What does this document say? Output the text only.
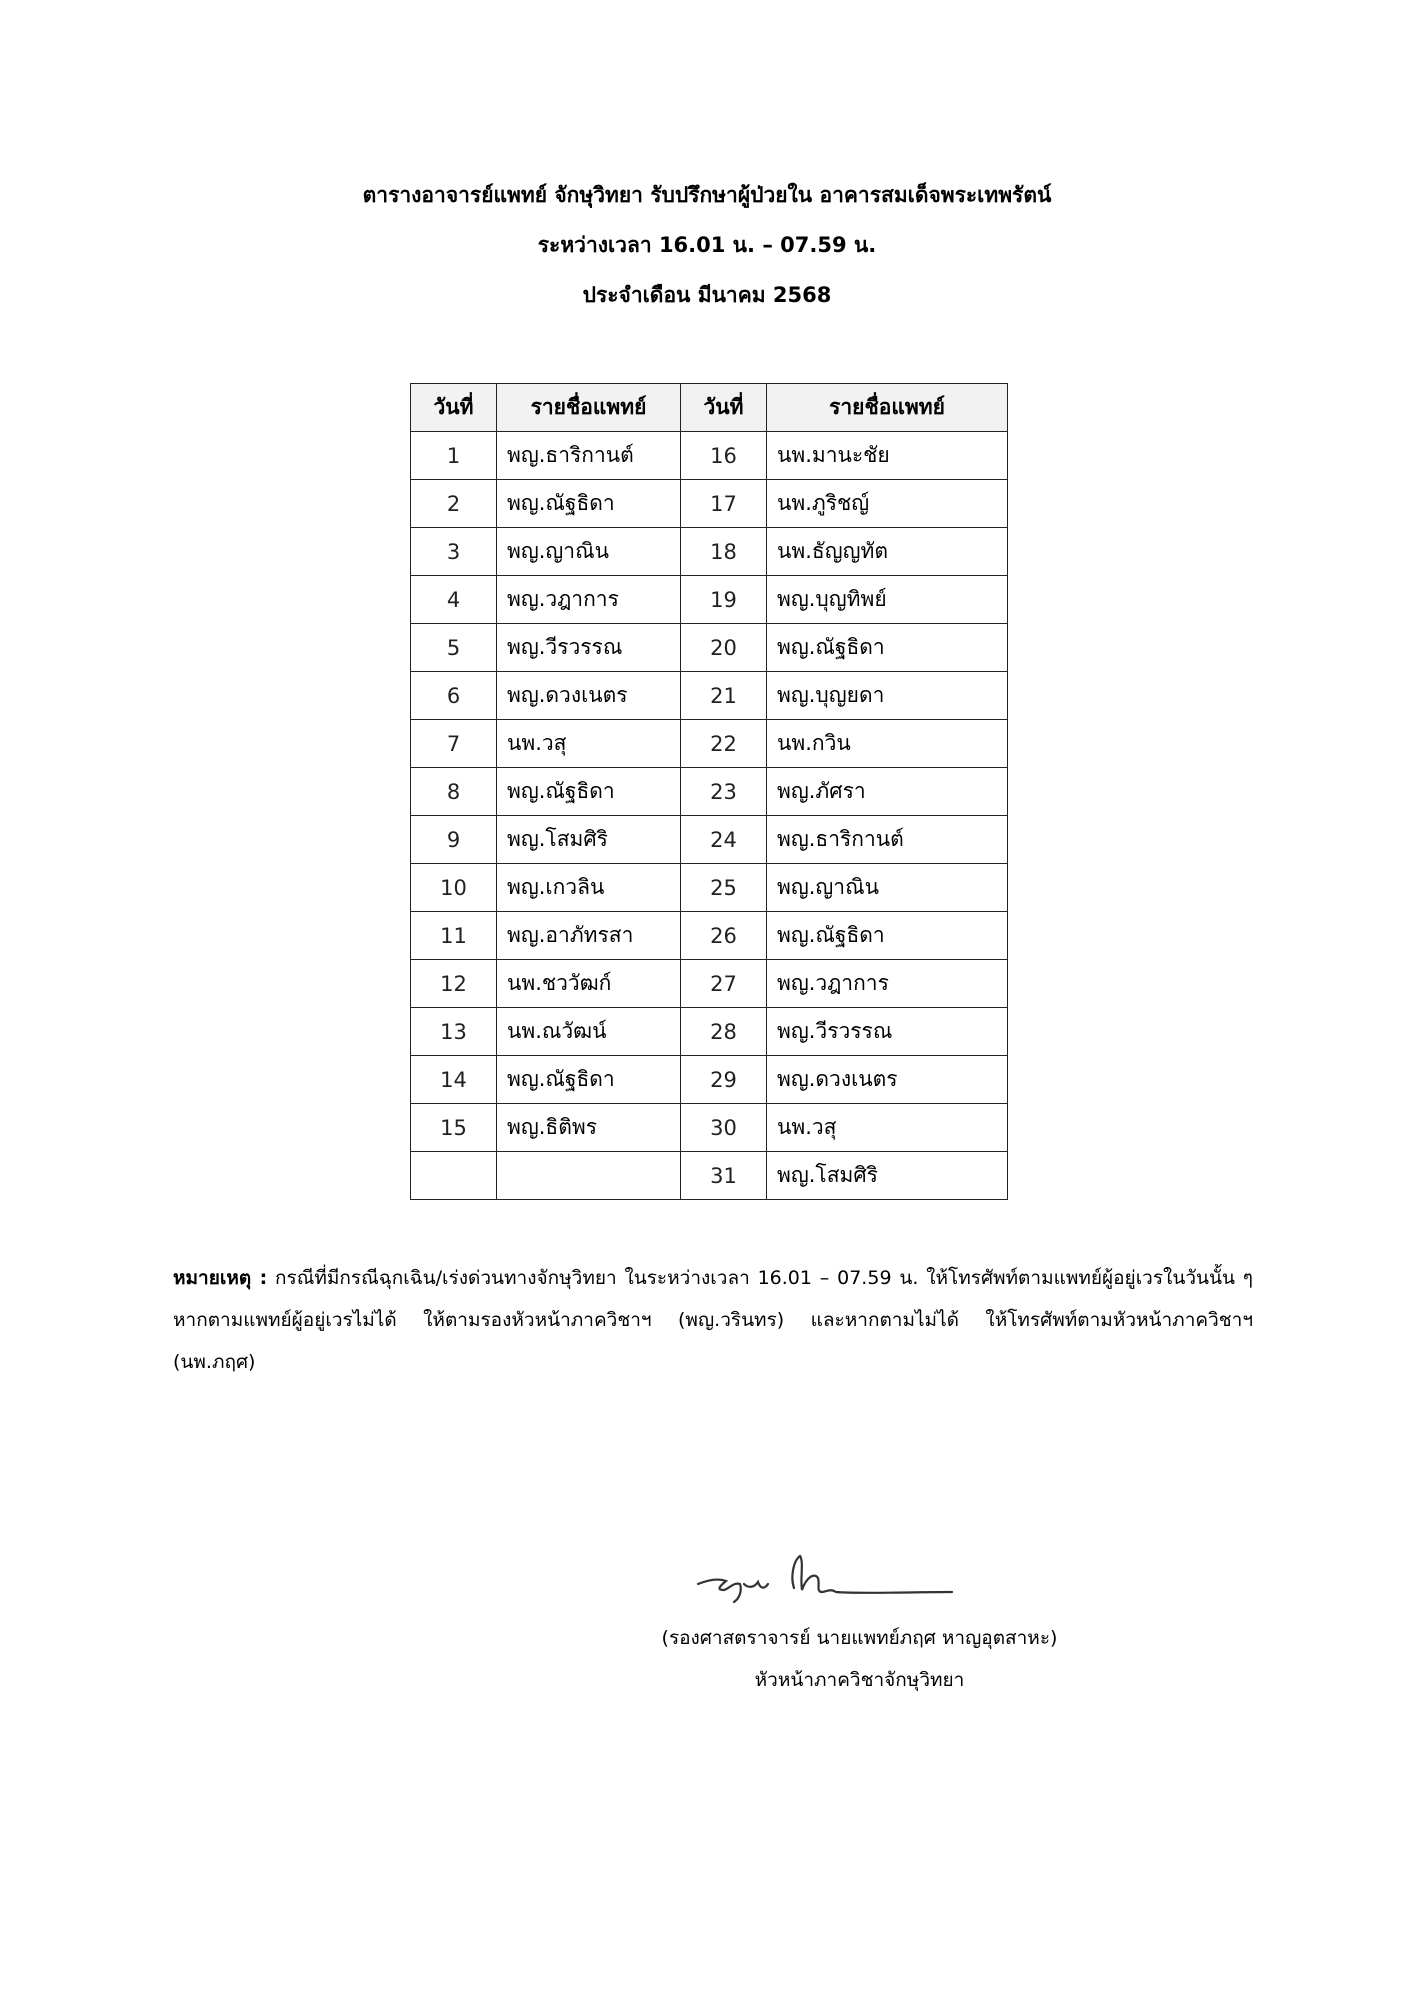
ตารางอาจารย์แพทย์ จักษุวิทยา รับปรึกษาผู้ป่วยใน อาคารสมเด็จพระเทพรัตน์
ระหว่างเวลา 16.01 น. – 07.59 น.
ประจำเดือน มีนาคม 2568
วันที่	รายชื่อแพทย์	วันที่	รายชื่อแพทย์
1	พญ.ธาริกานต์	16	นพ.มานะชัย
2	พญ.ณัฐธิดา	17	นพ.ภูริชญ์
3	พญ.ญาณิน	18	นพ.ธัญญทัต
4	พญ.วฎาการ	19	พญ.บุญทิพย์
5	พญ.วีรวรรณ	20	พญ.ณัฐธิดา
6	พญ.ดวงเนตร	21	พญ.บุญยดา
7	นพ.วสุ	22	นพ.กวิน
8	พญ.ณัฐธิดา	23	พญ.ภัศรา
9	พญ.โสมศิริ	24	พญ.ธาริกานต์
10	พญ.เกวลิน	25	พญ.ญาณิน
11	พญ.อาภัทรสา	26	พญ.ณัฐธิดา
12	นพ.ชววัฒก์	27	พญ.วฎาการ
13	นพ.ณวัฒน์	28	พญ.วีรวรรณ
14	พญ.ณัฐธิดา	29	พญ.ดวงเนตร
15	พญ.ธิติพร	30	นพ.วสุ
		31	พญ.โสมศิริ
หมายเหตุ : กรณีที่มีกรณีฉุกเฉิน/เร่งด่วนทางจักษุวิทยา ในระหว่างเวลา 16.01 – 07.59 น. ให้โทรศัพท์ตามแพทย์ผู้อยู่เวรในวันนั้น ๆ หากตามแพทย์ผู้อยู่เวรไม่ได้ ให้ตามรองหัวหน้าภาควิชาฯ (พญ.วรินทร) และหากตามไม่ได้ ให้โทรศัพท์ตามหัวหน้าภาควิชาฯ (นพ.ภฤศ)
(รองศาสตราจารย์ นายแพทย์ภฤศ หาญอุตสาหะ)
หัวหน้าภาควิชาจักษุวิทยา
